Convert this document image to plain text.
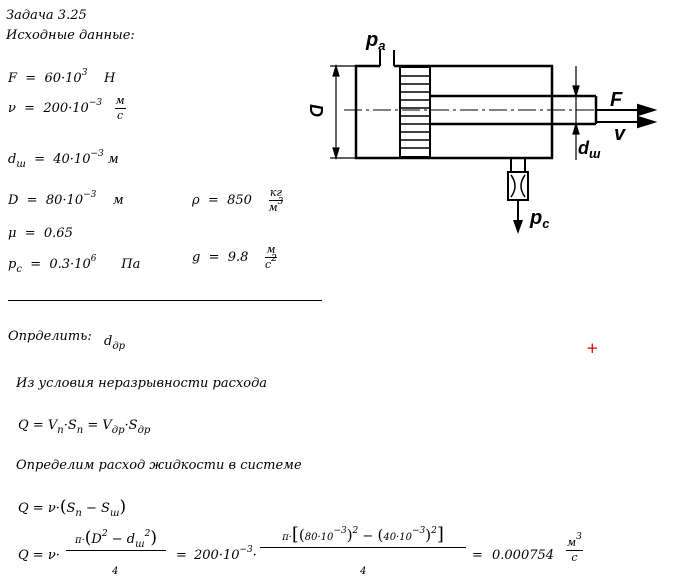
Задача 3.25
Исходные данные:
$F = 60\cdot 10^3$ Н
$\nu = 200\cdot 10^{-3} \frac{м}{с}$
$d_ш = 40\cdot 10^{-3}$ м
$D = 80\cdot 10^{-3}$ м	$\rho = 850 \frac{кг}{м^3}$
μ = 0.65
$p_c = 0.3\cdot 10^6$ Па	$g = 9.8 \frac{м}{с^2}$
Опрделить: $d_{др}$	+
Из условия неразрывности расхода
$Q = V_п\cdot S_п = V_{др}\cdot S_{др}$
Определим расход жидкости в системе
$Q = \nu\cdot(S_п - S_ш)$
Q = ν·
$\pi\cdot(D^2 - d_ш^2)$
4
= $200\cdot 10^{-3}\cdot$
$\pi\cdot[(80\cdot 10^{-3})^2 - (40\cdot 10^{-3})^2]$
4
= $0.000754 \frac{м^3}{с}$
$p_a$
D	F
v
$d_ш$
$p_c$
